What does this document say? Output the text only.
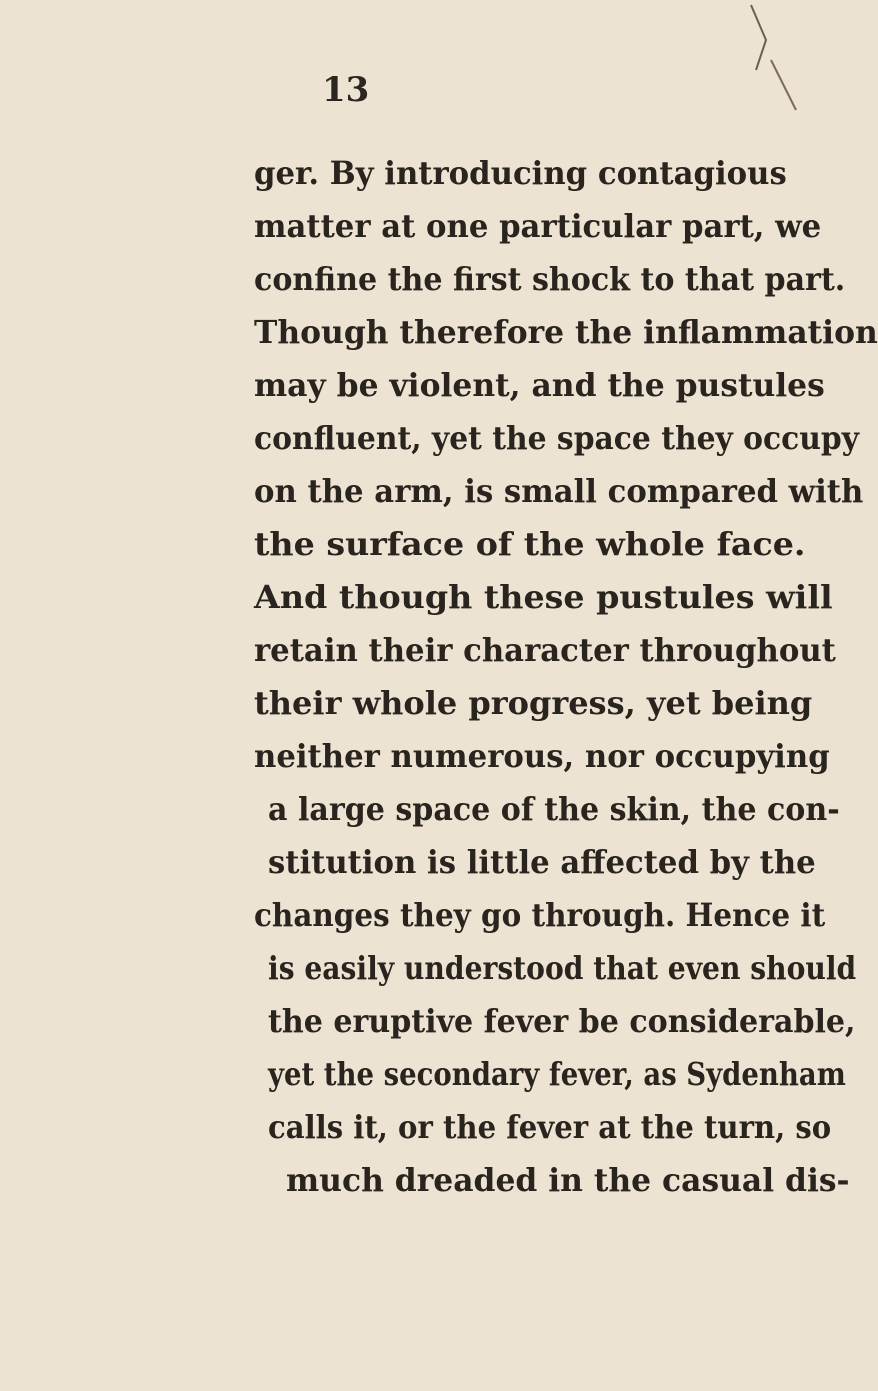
13
ger. By introducing contagious
matter at one particular part, we
confine the first shock to that part.
Though therefore the inflammation
may be violent, and the pustules
confluent, yet the space they occupy
on the arm, is small compared with
the surface of the whole face.
And though these pustules will
retain their character throughout
their whole progress, yet being
neither numerous, nor occupying
a large space of the skin, the con-
stitution is little affected by the
changes they go through. Hence it
is easily understood that even should
the eruptive fever be considerable,
yet the secondary fever, as Sydenham
calls it, or the fever at the turn, so
much dreaded in the casual dis-
